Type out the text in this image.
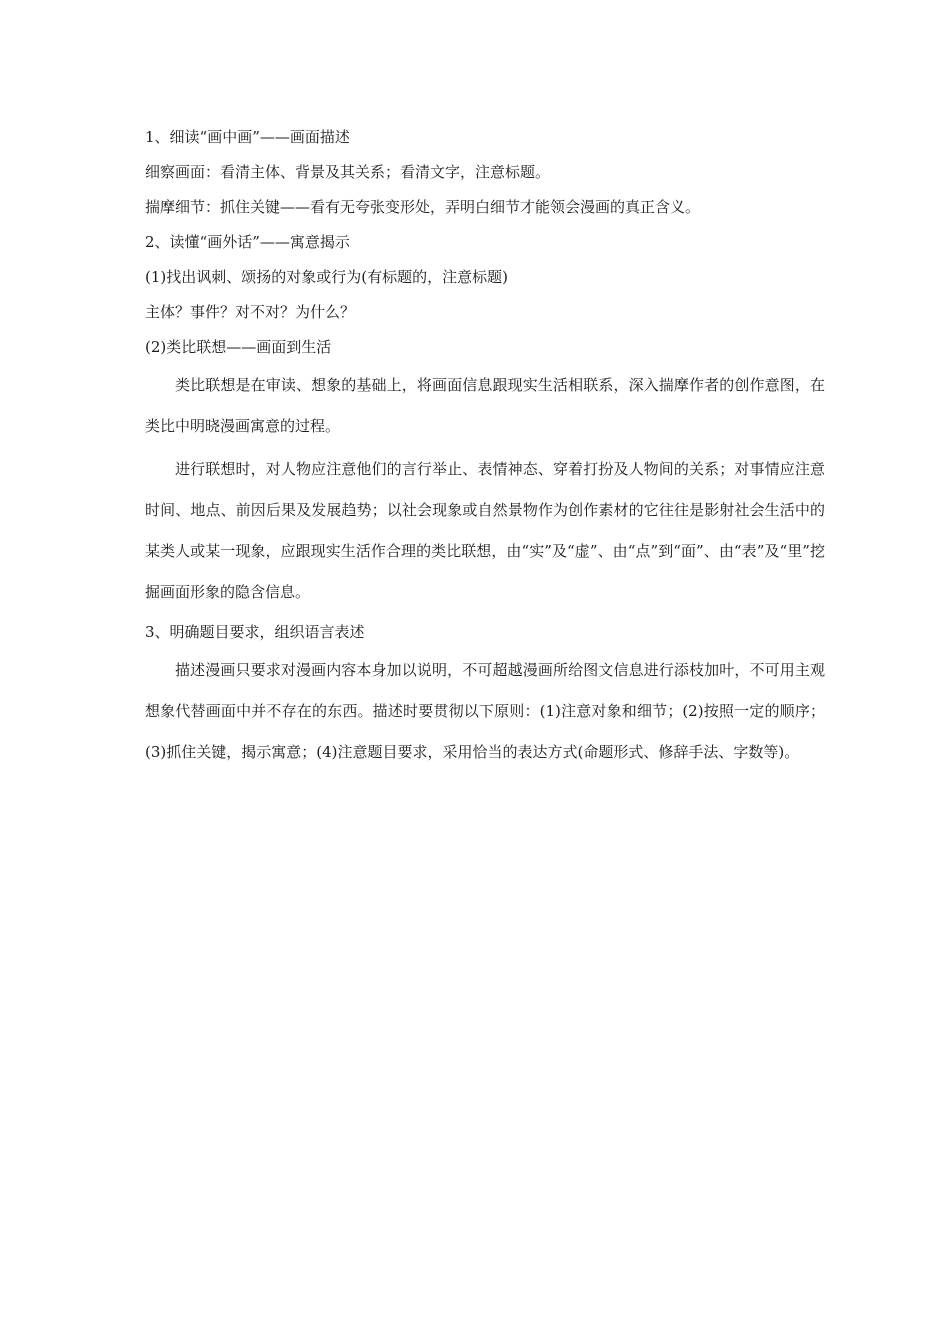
1、细读“画中画”——画面描述
细察画面：看清主体、背景及其关系；看清文字，注意标题。
揣摩细节：抓住关键——看有无夸张变形处，弄明白细节才能领会漫画的真正含义。
2、读懂“画外话”——寓意揭示
(1)找出讽刺、颂扬的对象或行为(有标题的，注意标题)
主体？事件？对不对？为什么？
(2)类比联想——画面到生活

类比联想是在审读、想象的基础上，将画面信息跟现实生活相联系，深入揣摩作者的创作意图，在类比中明晓漫画寓意的过程。

进行联想时，对人物应注意他们的言行举止、表情神态、穿着打扮及人物间的关系；对事情应注意时间、地点、前因后果及发展趋势；以社会现象或自然景物作为创作素材的它往往是影射社会生活中的某类人或某一现象，应跟现实生活作合理的类比联想，由“实”及“虚”、由“点”到“面”、由“表”及“里”挖掘画面形象的隐含信息。

3、明确题目要求，组织语言表述

描述漫画只要求对漫画内容本身加以说明，不可超越漫画所给图文信息进行添枝加叶，不可用主观想象代替画面中并不存在的东西。描述时要贯彻以下原则：(1)注意对象和细节；(2)按照一定的顺序；(3)抓住关键，揭示寓意；(4)注意题目要求，采用恰当的表达方式(命题形式、修辞手法、字数等)。
